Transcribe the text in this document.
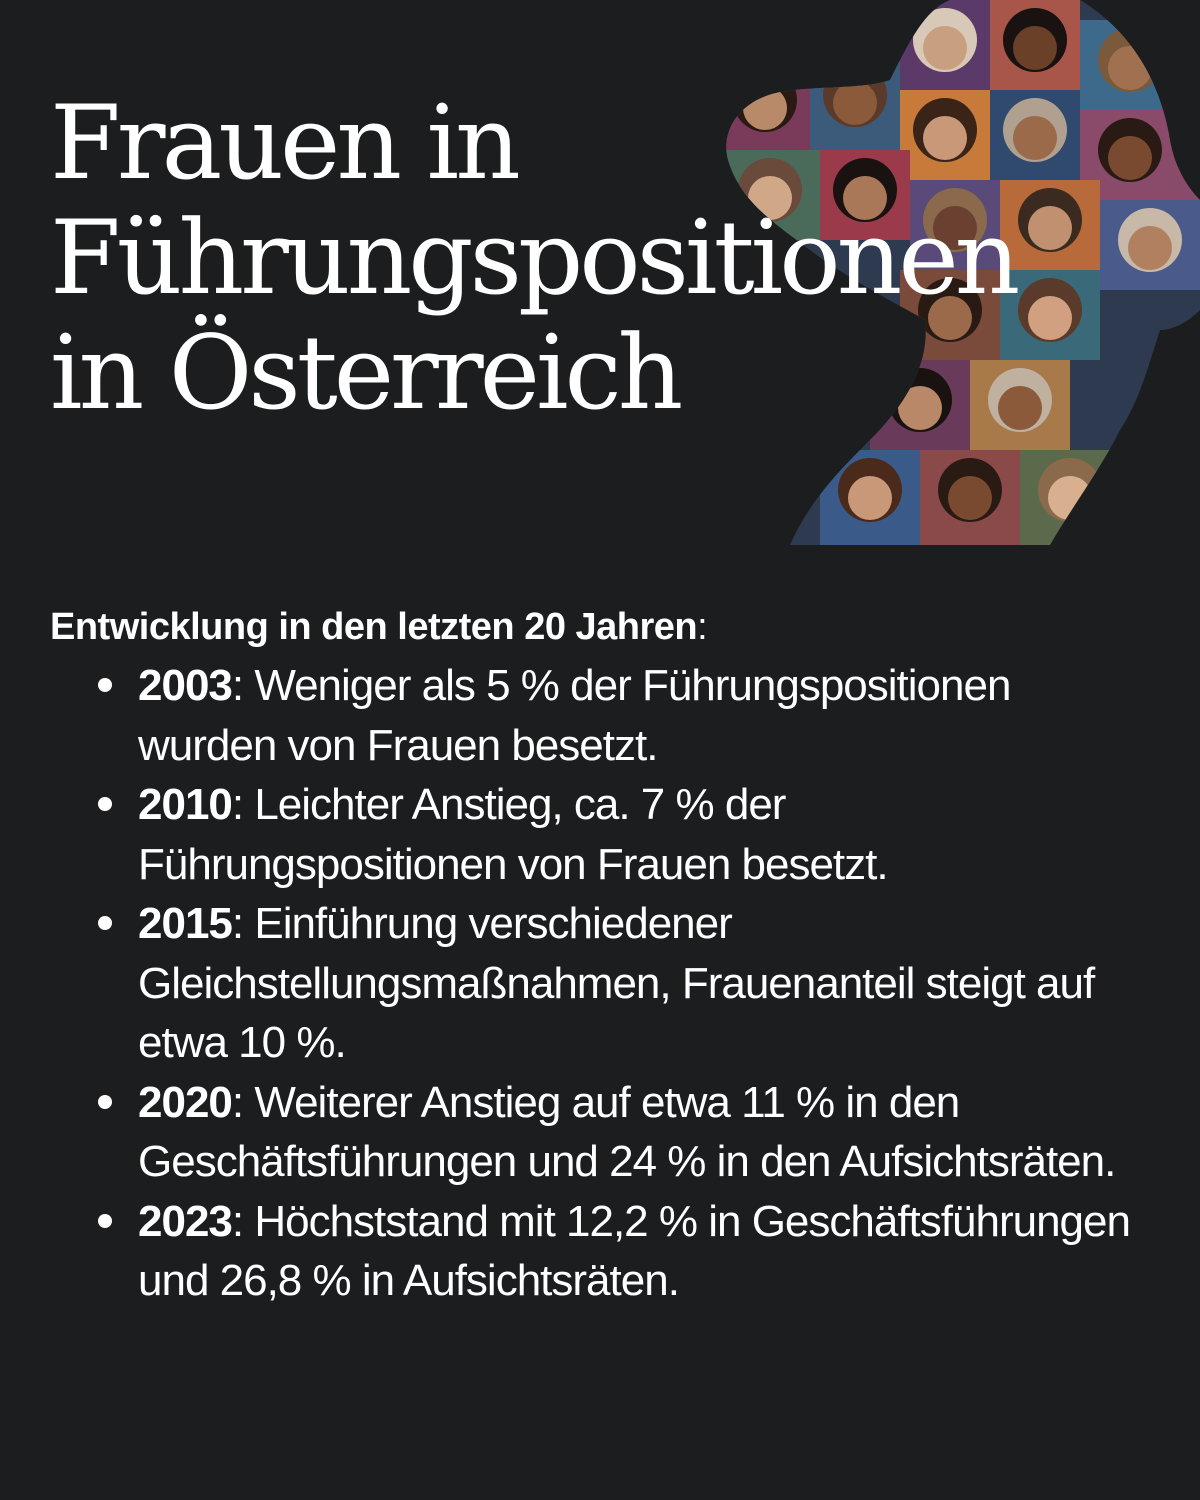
Frauen in
Führungspositionen
in Österreich
Entwicklung in den letzten 20 Jahren:
2003: Weniger als 5 % der Führungspositionen wurden von Frauen besetzt.
2010: Leichter Anstieg, ca. 7 % der Führungspositionen von Frauen besetzt.
2015: Einführung verschiedener Gleichstellungsmaßnahmen, Frauenanteil steigt auf etwa 10 %.
2020: Weiterer Anstieg auf etwa 11 % in den Geschäftsführungen und 24 % in den Aufsichtsräten.
2023: Höchststand mit 12,2 % in Geschäftsführungen und 26,8 % in Aufsichtsräten.
